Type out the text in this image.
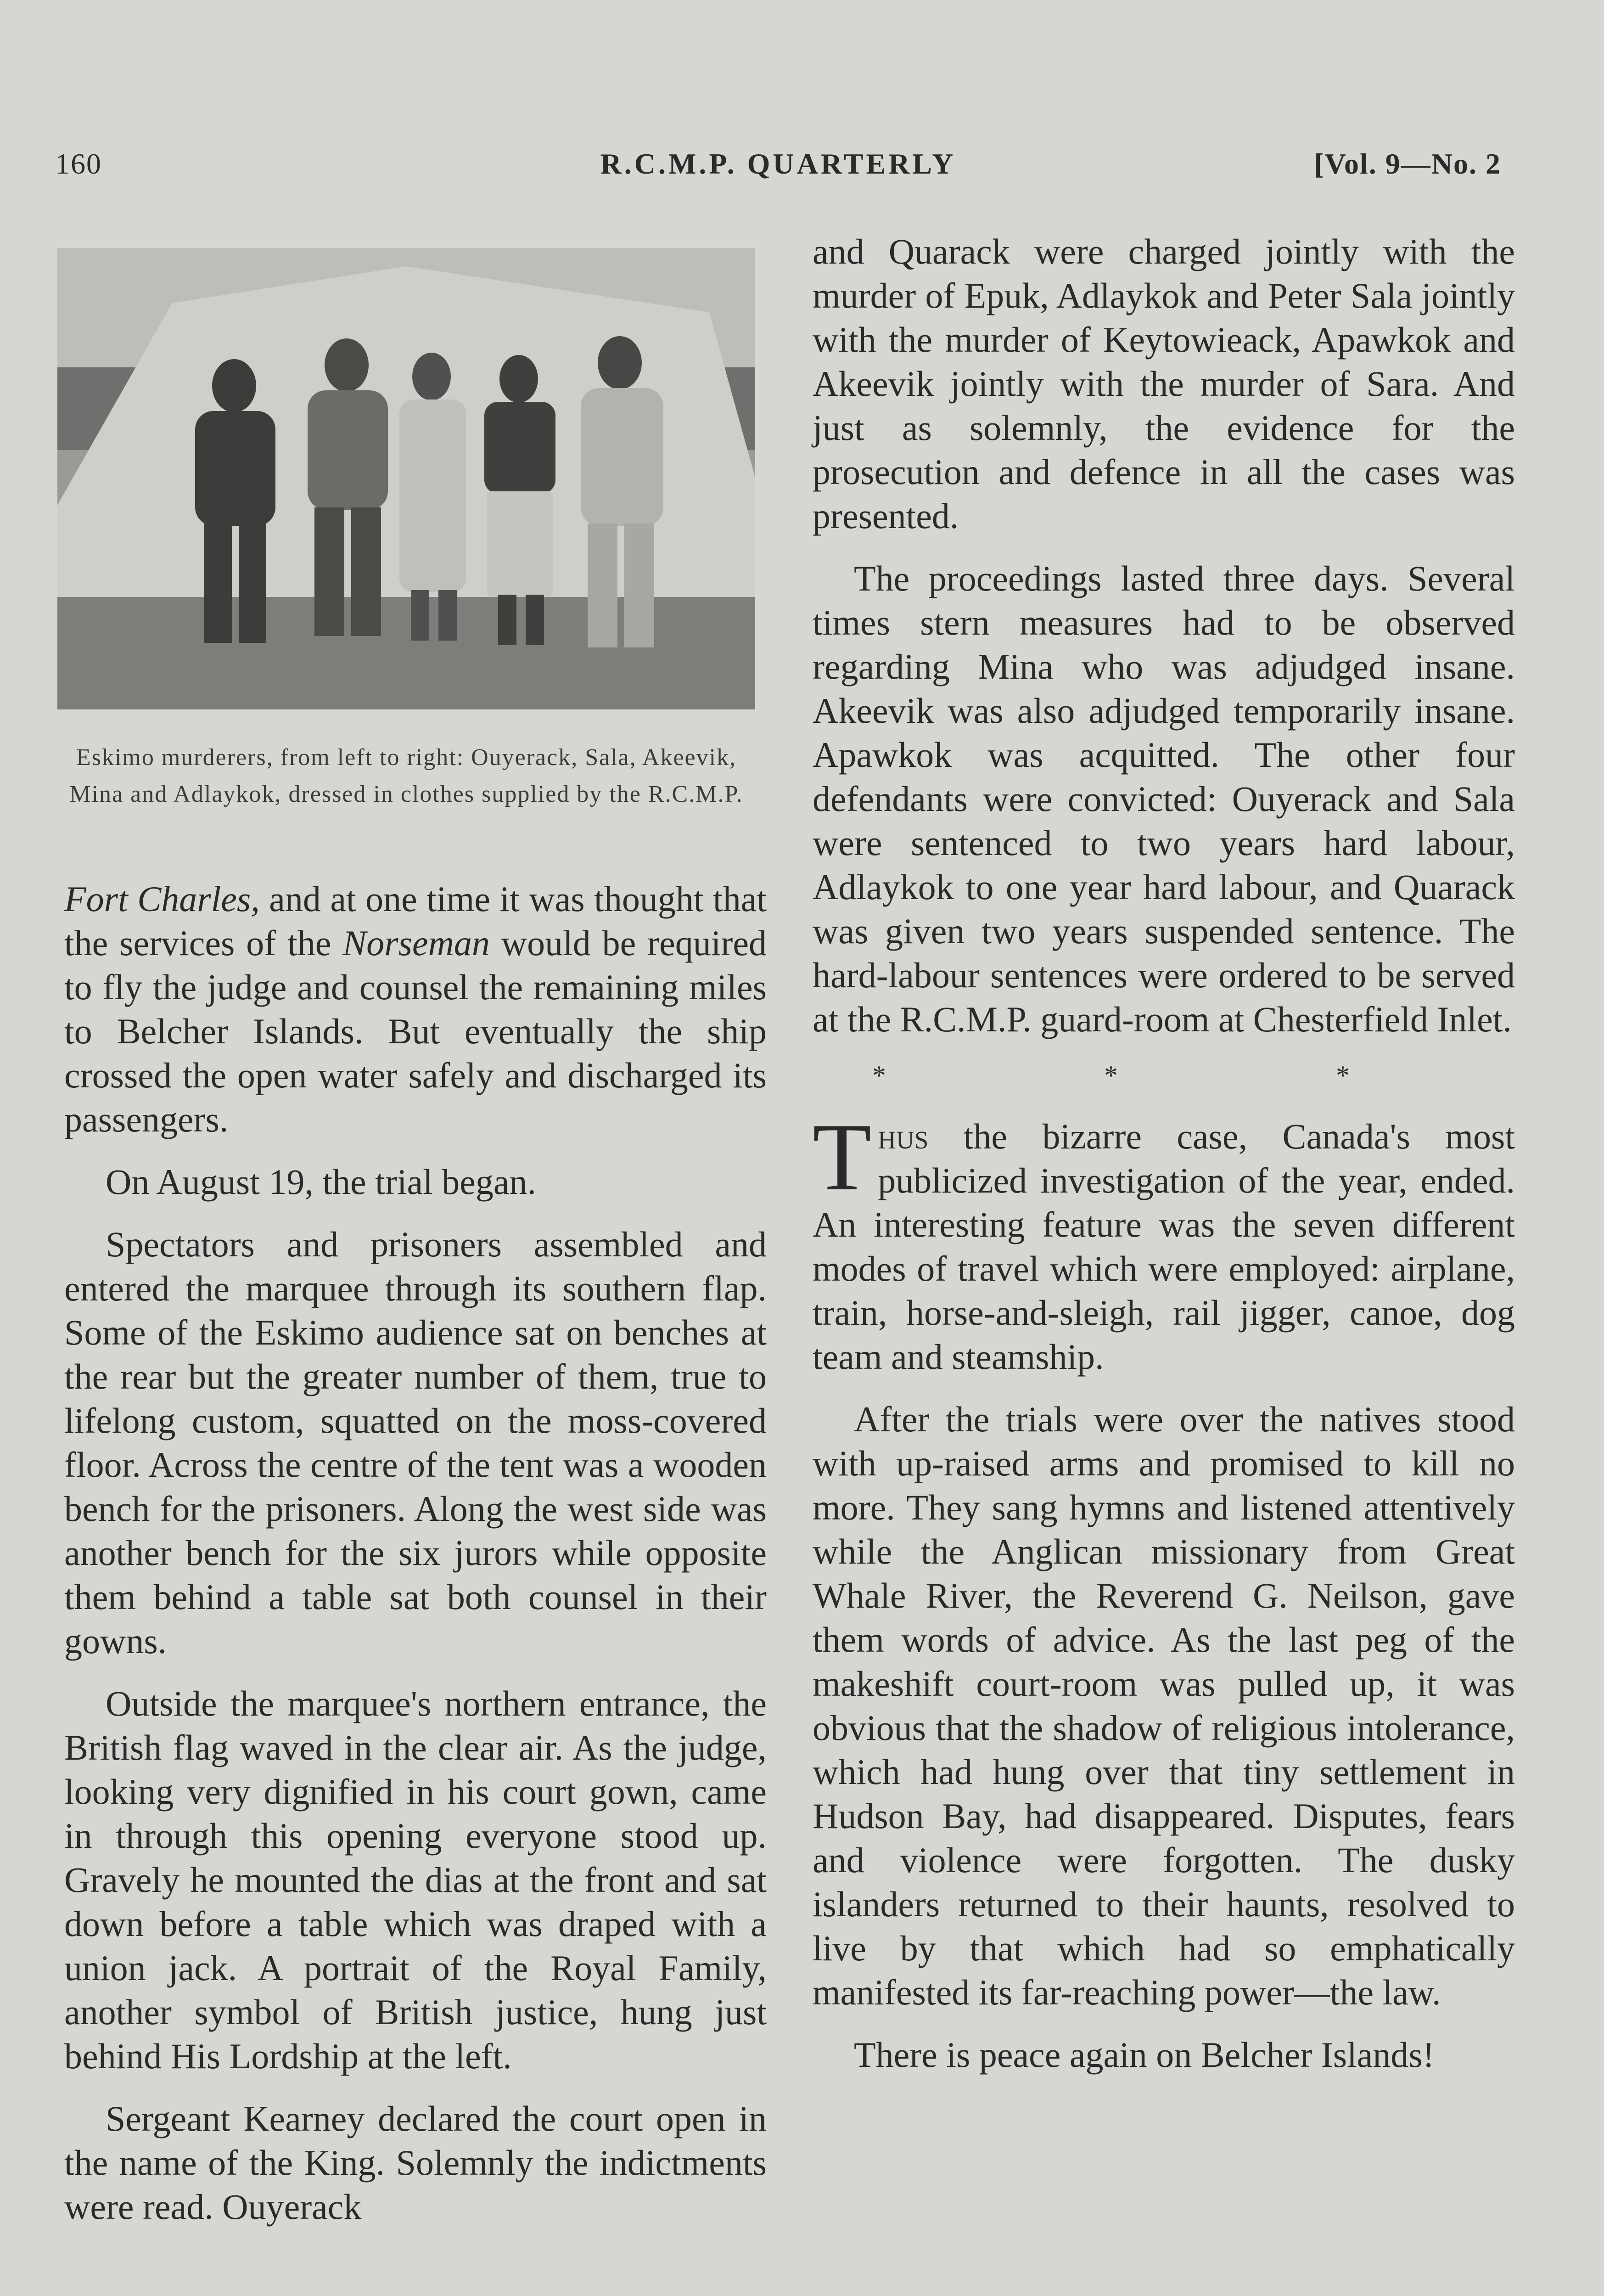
160	R.C.M.P. QUARTERLY	[Vol. 9—No. 2
Eskimo murderers, from left to right: Ouyerack, Sala, Akeevik, Mina and Adlaykok, dressed in clothes supplied by the R.C.M.P.

Fort Charles, and at one time it was thought that the services of the Norseman would be required to fly the judge and counsel the remaining miles to Belcher Islands. But eventually the ship crossed the open water safely and discharged its passengers.

On August 19, the trial began.

Spectators and prisoners assembled and entered the marquee through its southern flap. Some of the Eskimo audience sat on benches at the rear but the greater number of them, true to lifelong custom, squatted on the moss-covered floor. Across the centre of the tent was a wooden bench for the prisoners. Along the west side was another bench for the six jurors while opposite them behind a table sat both counsel in their gowns.

Outside the marquee's northern entrance, the British flag waved in the clear air. As the judge, looking very dignified in his court gown, came in through this opening everyone stood up. Gravely he mounted the dias at the front and sat down before a table which was draped with a union jack. A portrait of the Royal Family, another symbol of British justice, hung just behind His Lordship at the left.

Sergeant Kearney declared the court open in the name of the King. Solemnly the indictments were read. Ouyerack

and Quarack were charged jointly with the murder of Epuk, Adlaykok and Peter Sala jointly with the murder of Keytowieack, Apawkok and Akeevik jointly with the murder of Sara. And just as solemnly, the evidence for the prosecution and defence in all the cases was presented.

The proceedings lasted three days. Several times stern measures had to be observed regarding Mina who was adjudged insane. Akeevik was also adjudged temporarily insane. Apawkok was acquitted. The other four defendants were convicted: Ouyerack and Sala were sentenced to two years hard labour, Adlaykok to one year hard labour, and Quarack was given two years suspended sentence. The hard-labour sentences were ordered to be served at the R.C.M.P. guard-room at Chesterfield Inlet.

* * *

Thus the bizarre case, Canada's most publicized investigation of the year, ended. An interesting feature was the seven different modes of travel which were employed: airplane, train, horse-and-sleigh, rail jigger, canoe, dog team and steamship.

After the trials were over the natives stood with up-raised arms and promised to kill no more. They sang hymns and listened attentively while the Anglican missionary from Great Whale River, the Reverend G. Neilson, gave them words of advice. As the last peg of the makeshift court-room was pulled up, it was obvious that the shadow of religious intolerance, which had hung over that tiny settlement in Hudson Bay, had disappeared. Disputes, fears and violence were forgotten. The dusky islanders returned to their haunts, resolved to live by that which had so emphatically manifested its far-reaching power—the law.

There is peace again on Belcher Islands!
